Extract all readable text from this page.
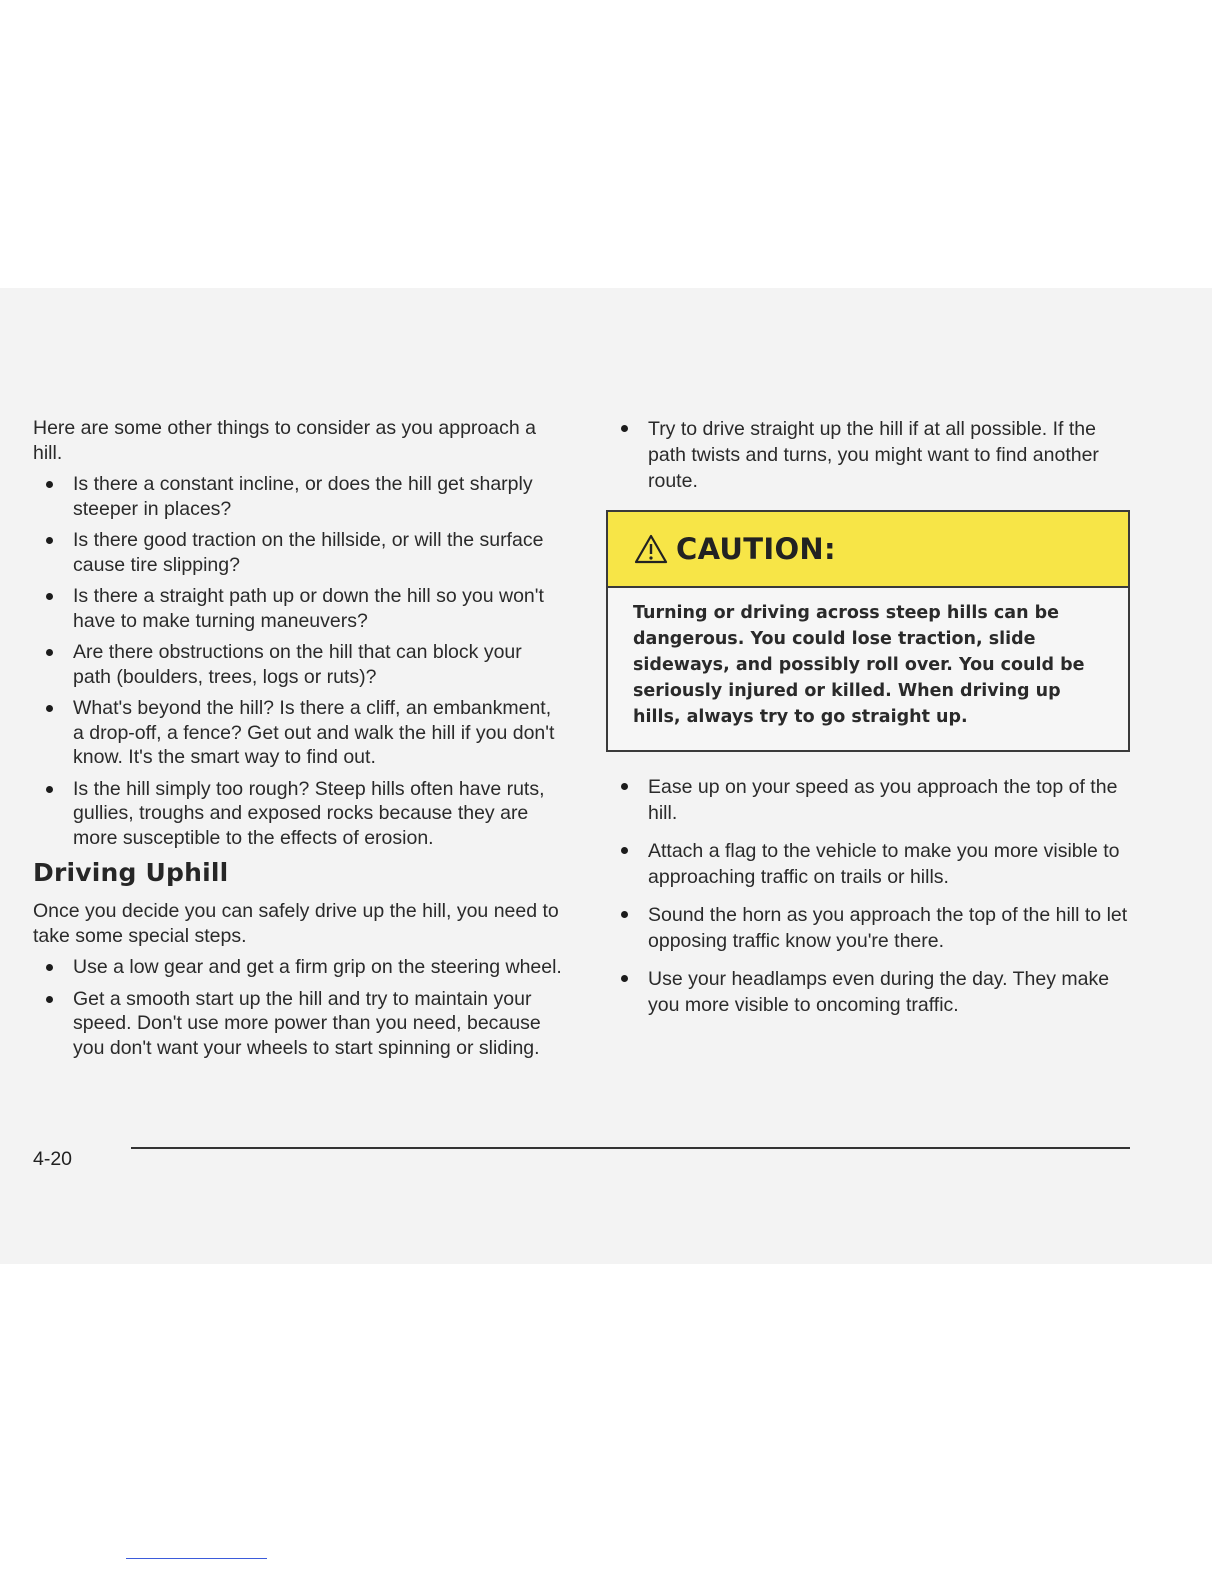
Here are some other things to consider as you approach a hill.

Is there a constant incline, or does the hill get sharply steeper in places?
Is there good traction on the hillside, or will the surface cause tire slipping?
Is there a straight path up or down the hill so you won't have to make turning maneuvers?
Are there obstructions on the hill that can block your path (boulders, trees, logs or ruts)?
What's beyond the hill? Is there a cliff, an embankment, a drop-off, a fence? Get out and walk the hill if you don't know. It's the smart way to find out.
Is the hill simply too rough? Steep hills often have ruts, gullies, troughs and exposed rocks because they are more susceptible to the effects of erosion.
Driving Uphill

Once you decide you can safely drive up the hill, you need to take some special steps.

Use a low gear and get a firm grip on the steering wheel.
Get a smooth start up the hill and try to maintain your speed. Don't use more power than you need, because you don't want your wheels to start spinning or sliding.
Try to drive straight up the hill if at all possible. If the path twists and turns, you might want to find another route.
CAUTION:
Turning or driving across steep hills can be dangerous. You could lose traction, slide sideways, and possibly roll over. You could be seriously injured or killed. When driving up hills, always try to go straight up.
Ease up on your speed as you approach the top of the hill.
Attach a flag to the vehicle to make you more visible to approaching traffic on trails or hills.
Sound the horn as you approach the top of the hill to let opposing traffic know you're there.
Use your headlamps even during the day. They make you more visible to oncoming traffic.
4-20
